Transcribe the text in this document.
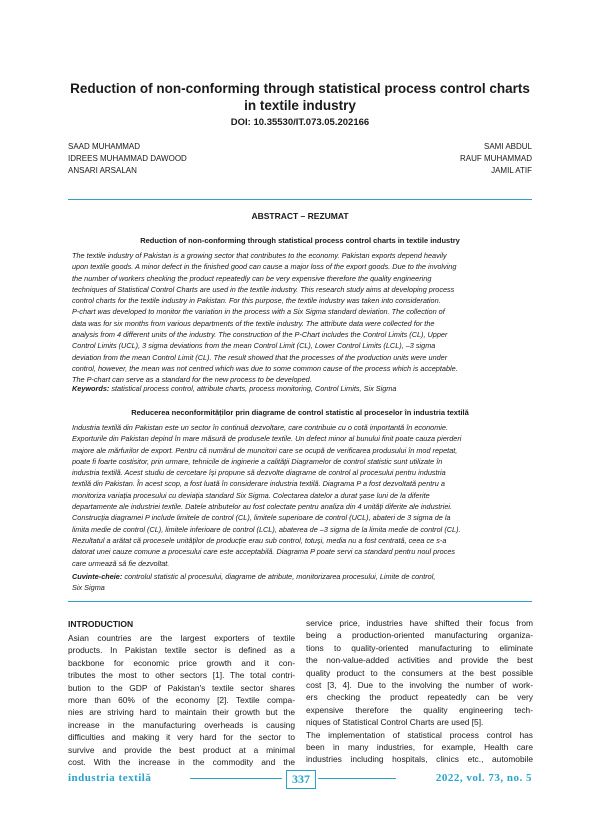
Reduction of non-conforming through statistical process control charts
in textile industry
DOI: 10.35530/IT.073.05.202166
SAAD MUHAMMAD
IDREES MUHAMMAD DAWOOD
ANSARI ARSALAN
SAMI ABDUL
RAUF MUHAMMAD
JAMIL ATIF
ABSTRACT – REZUMAT
Reduction of non-conforming through statistical process control charts in textile industry
The textile industry of Pakistan is a growing sector that contributes to the economy. Pakistan exports depend heavily
upon textile goods. A minor defect in the finished good can cause a major loss of the export goods. Due to the involving
the number of workers checking the product repeatedly can be very expensive therefore the quality engineering
techniques of Statistical Control Charts are used in the textile industry. This research study aims at developing process
control charts for the textile industry in Pakistan. For this purpose, the textile industry was taken into consideration.
P-chart was developed to monitor the variation in the process with a Six Sigma standard deviation. The collection of
data was for six months from various departments of the textile industry. The attribute data were collected for the
analysis from 4 different units of the industry. The construction of the P-Chart includes the Control Limits (CL), Upper
Control Limits (UCL), 3 sigma deviations from the mean Control Limit (CL), Lower Control Limits (LCL), –3 sigma
deviation from the mean Control Limit (CL). The result showed that the processes of the production units were under
control, however, the mean was not centred which was due to some common cause of the process which is acceptable.
The P-chart can serve as a standard for the new process to be developed.
Keywords: statistical process control, attribute charts, process monitoring, Control Limits, Six Sigma
Reducerea neconformităților prin diagrame de control statistic al proceselor în industria textilă
Industria textilă din Pakistan este un sector în continuă dezvoltare, care contribuie cu o cotă importantă în economie.
Exporturile din Pakistan depind în mare măsură de produsele textile. Un defect minor al bunului finit poate cauza pierderi
majore ale mărfurilor de export. Pentru că numărul de muncitori care se ocupă de verificarea produsului în mod repetat,
poate fi foarte costisitor, prin urmare, tehnicile de inginerie a calității Diagramelor de control statistic sunt utilizate în
industria textilă. Acest studiu de cercetare își propune să dezvolte diagrame de control al procesului pentru industria
textilă din Pakistan. În acest scop, a fost luată în considerare industria textilă. Diagrama P a fost dezvoltată pentru a
monitoriza variația procesului cu deviația standard Six Sigma. Colectarea datelor a durat șase luni de la diferite
departamente ale industriei textile. Datele atributelor au fost colectate pentru analiza din 4 unități diferite ale industriei.
Construcția diagramei P include limitele de control (CL), limitele superioare de control (UCL), abateri de 3 sigma de la
limita medie de control (CL), limitele inferioare de control (LCL), abaterea de –3 sigma de la limita medie de control (CL).
Rezultatul a arătat că procesele unităților de producție erau sub control, totuși, media nu a fost centrată, ceea ce s-a
datorat unei cauze comune a procesului care este acceptabilă. Diagrama P poate servi ca standard pentru noul proces
care urmează să fie dezvoltat.
Cuvinte-cheie: controlul statistic al procesului, diagrame de atribute, monitorizarea procesului, Limite de control,
Six Sigma
INTRODUCTION
Asian countries are the largest exporters of textile
products. In Pakistan textile sector is defined as a
backbone for economic price growth and it con-
tributes the most to other sectors [1]. The total contri-
bution to the GDP of Pakistan's textile sector shares
more than 60% of the economy [2]. Textile compa-
nies are striving hard to maintain their growth but the
increase in the manufacturing overheads is causing
difficulties and making it very hard for the sector to
survive and provide the best product at a minimal
cost. With the increase in the commodity and the
service price, industries have shifted their focus from
being a production-oriented manufacturing organiza-
tions to quality-oriented manufacturing to eliminate
the non-value-added activities and provide the best
quality product to the consumers at the best possible
cost [3, 4]. Due to the involving the number of work-
ers checking the product repeatedly can be very
expensive therefore the quality engineering tech-
niques of Statistical Control Charts are used [5].
The implementation of statistical process control has
been in many industries, for example, Health care
industries including hospitals, clinics etc., automobile
industria textilă	337	2022, vol. 73, no. 5
